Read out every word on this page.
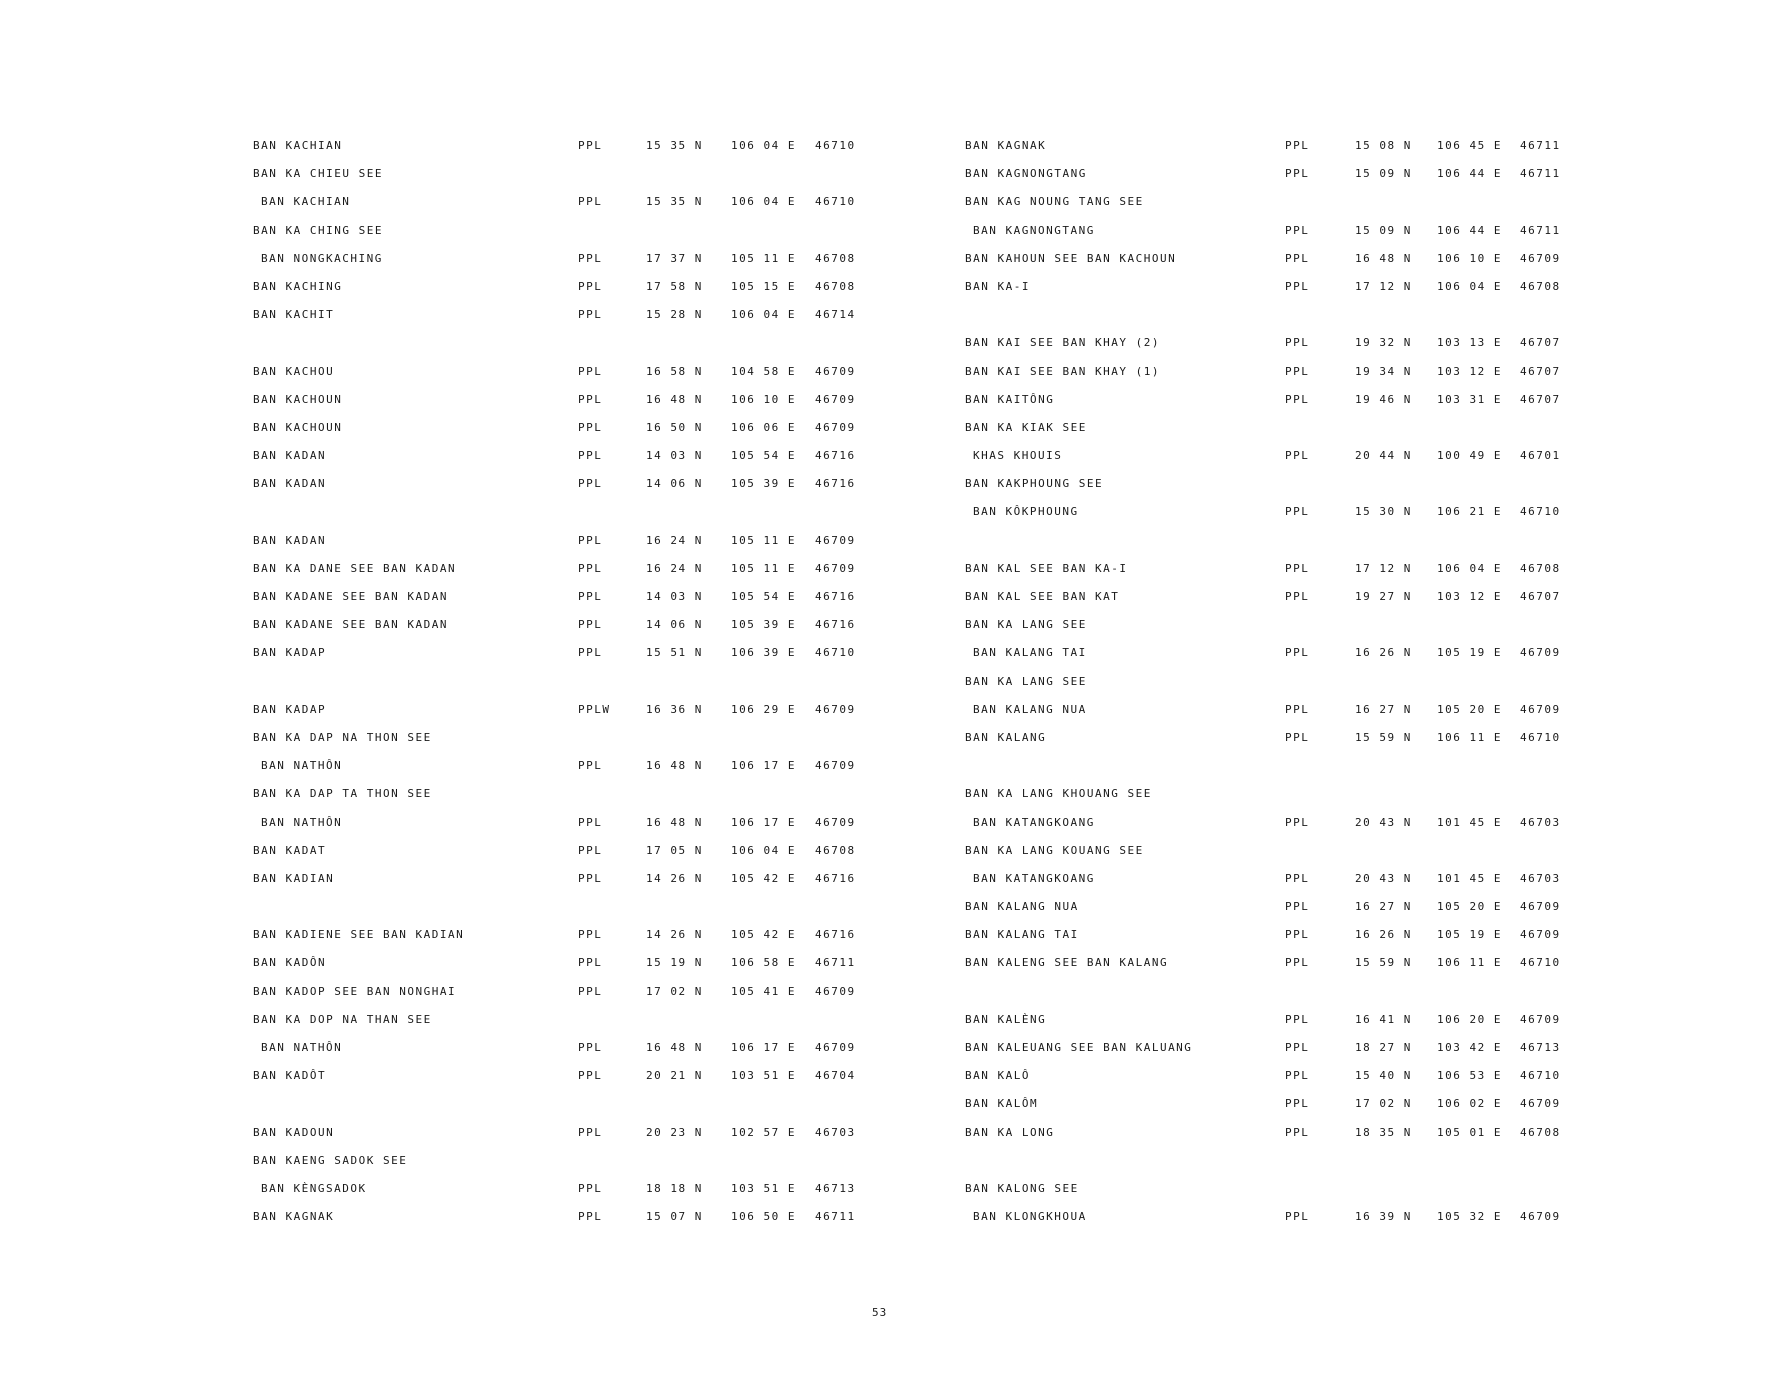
BAN KACHIAN	PPL	15 35 N	106 04 E 46710
BAN KA CHIEU SEE
BAN KACHIAN	PPL	15 35 N	106 04 E 46710
BAN KA CHING SEE
BAN NONGKACHING	PPL	17 37 N	105 11 E 46708
BAN KACHING	PPL	17 58 N	105 15 E 46708
BAN KACHIT	PPL	15 28 N	106 04 E 46714
BAN KACHOU	PPL	16 58 N	104 58 E 46709
BAN KACHOUN	PPL	16 48 N	106 10 E 46709
BAN KACHOUN	PPL	16 50 N	106 06 E 46709
BAN KADAN	PPL	14 03 N	105 54 E 46716
BAN KADAN	PPL	14 06 N	105 39 E 46716
BAN KADAN	PPL	16 24 N	105 11 E 46709
BAN KA DANE SEE BAN KADAN	PPL	16 24 N	105 11 E 46709
BAN KADANE SEE BAN KADAN	PPL	14 03 N	105 54 E 46716
BAN KADANE SEE BAN KADAN	PPL	14 06 N	105 39 E 46716
BAN KADAP	PPL	15 51 N	106 39 E 46710
BAN KADAP	PPLW	16 36 N	106 29 E 46709
BAN KA DAP NA THON SEE
BAN NATHÔN	PPL	16 48 N	106 17 E 46709
BAN KA DAP TA THON SEE
BAN NATHÔN	PPL	16 48 N	106 17 E 46709
BAN KADAT	PPL	17 05 N	106 04 E 46708
BAN KADIAN	PPL	14 26 N	105 42 E 46716
BAN KADIENE SEE BAN KADIAN	PPL	14 26 N	105 42 E 46716
BAN KADÔN	PPL	15 19 N	106 58 E 46711
BAN KADOP SEE BAN NONGHAI	PPL	17 02 N	105 41 E 46709
BAN KA DOP NA THAN SEE
BAN NATHÔN	PPL	16 48 N	106 17 E 46709
BAN KADÔT	PPL	20 21 N	103 51 E 46704
BAN KADOUN	PPL	20 23 N	102 57 E 46703
BAN KAENG SADOK SEE
BAN KÈNGSADOK	PPL	18 18 N	103 51 E 46713
BAN KAGNAK	PPL	15 07 N	106 50 E 46711
BAN KAGNAK	PPL	15 08 N 106 45 E 46711
BAN KAGNONGTANG	PPL	15 09 N 106 44 E 46711
BAN KAG NOUNG TANG SEE
BAN KAGNONGTANG	PPL	15 09 N 106 44 E 46711
BAN KAHOUN SEE BAN KACHOUN	PPL	16 48 N 106 10 E 46709
BAN KA-I	PPL	17 12 N 106 04 E 46708
BAN KAI SEE BAN KHAY (2)	PPL	19 32 N 103 13 E 46707
BAN KAI SEE BAN KHAY (1)	PPL	19 34 N 103 12 E 46707
BAN KAITÔNG	PPL	19 46 N 103 31 E 46707
BAN KA KIAK SEE
KHAS KHOUIS	PPL	20 44 N 100 49 E 46701
BAN KAKPHOUNG SEE
BAN KÔKPHOUNG	PPL	15 30 N 106 21 E 46710
BAN KAL SEE BAN KA-I	PPL	17 12 N 106 04 E 46708
BAN KAL SEE BAN KAT	PPL	19 27 N 103 12 E 46707
BAN KA LANG SEE
BAN KALANG TAI	PPL	16 26 N 105 19 E 46709
BAN KA LANG SEE
BAN KALANG NUA	PPL	16 27 N 105 20 E 46709
BAN KALANG	PPL	15 59 N 106 11 E 46710
BAN KA LANG KHOUANG SEE
BAN KATANGKOANG	PPL	20 43 N 101 45 E 46703
BAN KA LANG KOUANG SEE
BAN KATANGKOANG	PPL	20 43 N 101 45 E 46703
BAN KALANG NUA	PPL	16 27 N 105 20 E 46709
BAN KALANG TAI	PPL	16 26 N 105 19 E 46709
BAN KALENG SEE BAN KALANG	PPL	15 59 N 106 11 E 46710
BAN KALÈNG	PPL	16 41 N 106 20 E 46709
BAN KALEUANG SEE BAN KALUANG	PPL	18 27 N 103 42 E 46713
BAN KALÔ	PPL	15 40 N 106 53 E 46710
BAN KALÔM	PPL	17 02 N 106 02 E 46709
BAN KA LONG	PPL	18 35 N 105 01 E 46708
BAN KALONG SEE
BAN KLONGKHOUA	PPL	16 39 N 105 32 E 46709
53
